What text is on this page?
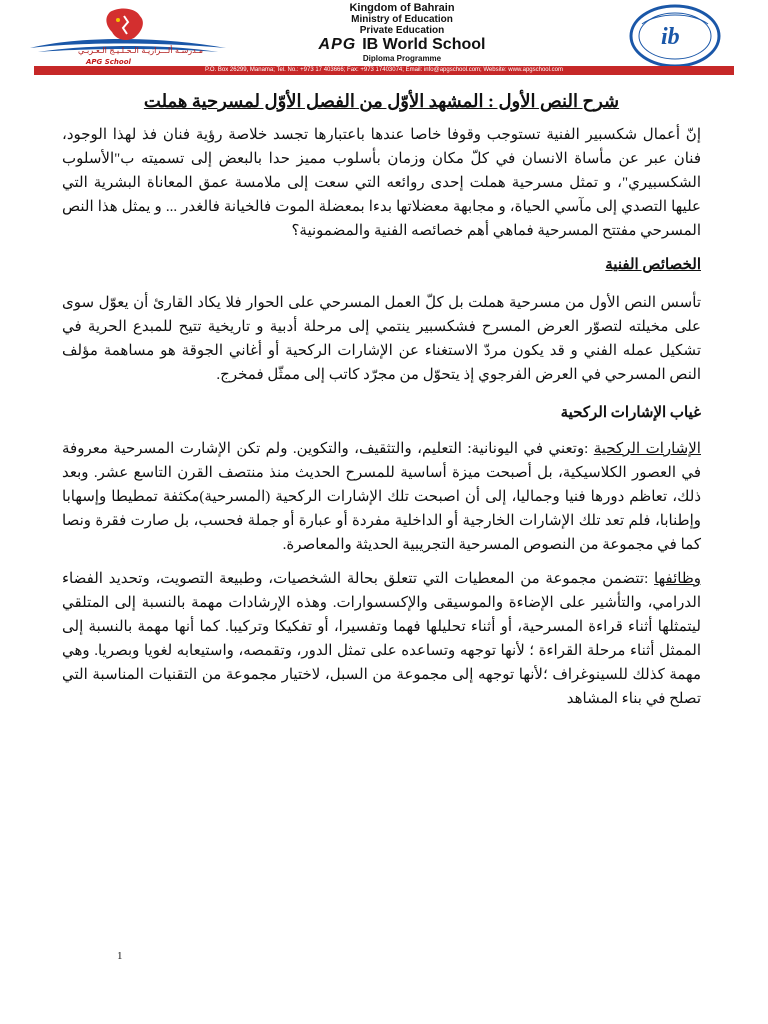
مـدرسـة ألـــرازيـة الـخـلـيـج الـعـربـي
APG School
Kingdom of Bahrain
Ministry of Education
Private Education
APG IB World School
Diploma Programme
ib
P.O. Box 26299, Manama; Tel. No.: +973 17 403666; Fax: +973 17403074; Email: info@apgschool.com; Website: www.apgschool.com
شرح النص الأول : المشهد الأوّل من الفصل الأوّل لمسرحية هملت

إنّ أعمال شكسبير الفنية تستوجب وقوفا خاصا عندها باعتبارها تجسد خلاصة رؤية فنان فذ لهذا الوجود، فنان عبر عن مأساة الانسان في كلّ مكان وزمان بأسلوب مميز حدا بالبعض إلى تسميته ب"الأسلوب الشكسبيري"، و تمثل مسرحية هملت إحدى روائعه التي سعت إلى ملامسة عمق المعاناة البشرية التي عليها التصدي إلى مآسي الحياة، و مجابهة معضلاتها بدءا بمعضلة الموت فالخيانة فالغدر ... و يمثل هذا النص المسرحي مفتتح المسرحية فماهي أهم خصائصه الفنية والمضمونية؟

الخصائص الفنية

تأسس النص الأول من مسرحية هملت بل كلّ العمل المسرحي على الحوار فلا يكاد القارئ أن يعوّل سوى على مخيلته لتصوّر العرض المسرح فشكسبير ينتمي إلى مرحلة أدبية و تاريخية تتيح للمبدع الحرية في تشكيل عمله الفني و قد يكون مردّ الاستغناء عن الإشارات الركحية أو أغاني الجوقة هو مساهمة مؤلف النص المسرحي في العرض الفرجوي إذ يتحوّل من مجرّد كاتب إلى ممثّل فمخرج.

غياب الإشارات الركحية

الإشارات الركحية :وتعني في اليونانية: التعليم، والتثقيف، والتكوين. ولم تكن الإشارت المسرحية معروفة في العصور الكلاسيكية، بل أصبحت ميزة أساسية للمسرح الحديث منذ منتصف القرن التاسع عشر. وبعد ذلك، تعاظم دورها فنيا وجماليا، إلى أن اصبحت تلك الإشارات الركحية (المسرحية)مكثفة تمطيطا وإسهابا وإطنابا، فلم تعد تلك الإشارات الخارجية أو الداخلية مفردة أو عبارة أو جملة فحسب، بل صارت فقرة ونصا كما في مجموعة من النصوص المسرحية التجريبية الحديثة والمعاصرة.

وظائفها :تتضمن مجموعة من المعطيات التي تتعلق بحالة الشخصيات، وطبيعة التصويت، وتحديد الفضاء الدرامي، والتأشير على الإضاءة والموسيقى والإكسسوارات. وهذه الإرشادات مهمة بالنسبة إلى المتلقي ليتمثلها أثناء قراءة المسرحية، أو أثناء تحليلها فهما وتفسيرا، أو تفكيكا وتركيبا. كما أنها مهمة بالنسبة إلى الممثل أثناء مرحلة القراءة ؛ لأنها توجهه وتساعده على تمثل الدور، وتقمصه، واستيعابه لغويا وبصريا. وهي مهمة كذلك للسينوغراف ؛لأنها توجهه إلى مجموعة من السبل، لاختيار مجموعة من التقنيات المناسبة التي تصلح في بناء المشاهد

1
